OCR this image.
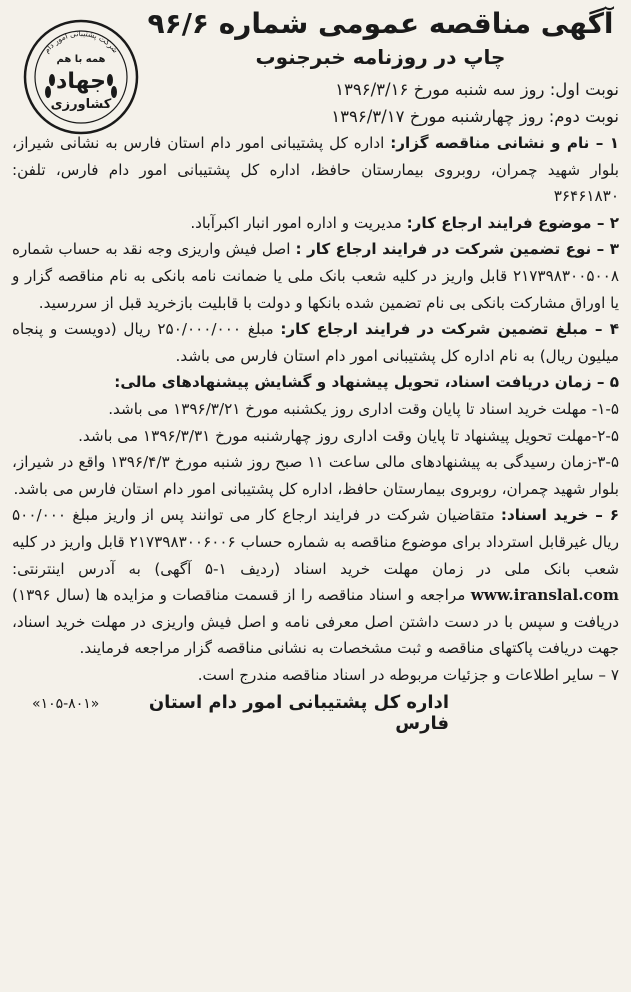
شرکت پشتیبانی امور دام
همه با هم
جهاد
کشاورزی
آگهی مناقصه عمومی شماره ۹۶/۶
چاپ در روزنامه خبرجنوب
نوبت اول: روز سه شنبه مورخ ۱۳۹۶/۳/۱۶
نوبت دوم: روز چهارشنبه مورخ ۱۳۹۶/۳/۱۷

۱ – نام و نشانی مناقصه گزار: اداره کل پشتیبانی امور دام استان فارس به نشانی شیراز، بلوار شهید چمران، روبروی بیمارستان حافظ، اداره کل پشتیبانی امور دام فارس، تلفن: ۳۶۴۶۱۸۳۰

۲ – موضوع فرایند ارجاع کار: مدیریت و اداره امور انبار اکبرآباد.

۳ – نوع تضمین شرکت در فرایند ارجاع کار : اصل فیش واریزی وجه نقد به حساب شماره ۲۱۷۳۹۸۳۰۰۵۰۰۸ قابل واریز در کلیه شعب بانک ملی یا ضمانت نامه بانکی به نام مناقصه گزار و یا اوراق مشارکت بانکی بی نام تضمین شده بانکها و دولت با قابلیت بازخرید قبل از سررسید.

۴ – مبلغ تضمین شرکت در فرایند ارجاع کار: مبلغ ۲۵۰/۰۰۰/۰۰۰ ریال (دویست و پنجاه میلیون ریال) به نام اداره کل پشتیبانی امور دام استان فارس می باشد.

۵ – زمان دریافت اسناد، تحویل پیشنهاد و گشایش پیشنهادهای مالی:

۱-۵- مهلت خرید اسناد تا پایان وقت اداری روز یکشنبه مورخ ۱۳۹۶/۳/۲۱ می باشد.

۲-۵-مهلت تحویل پیشنهاد تا پایان وقت اداری روز چهارشنبه مورخ ۱۳۹۶/۳/۳۱ می باشد.

۳-۵-زمان رسیدگی به پیشنهادهای مالی ساعت ۱۱ صبح روز شنبه مورخ ۱۳۹۶/۴/۳ واقع در شیراز، بلوار شهید چمران، روبروی بیمارستان حافظ، اداره کل پشتیبانی امور دام استان فارس می باشد.

۶ – خرید اسناد: متقاضیان شرکت در فرایند ارجاع کار می توانند پس از واریز مبلغ ۵۰۰/۰۰۰ ریال غیرقابل استرداد برای موضوع مناقصه به شماره حساب ۲۱۷۳۹۸۳۰۰۶۰۰۶ قابل واریز در کلیه شعب بانک ملی در زمان مهلت خرید اسناد (ردیف ۱-۵ آگهی) به آدرس اینترنتی: www.iranslal.com مراجعه و اسناد مناقصه را از قسمت مناقصات و مزایده ها (سال ۱۳۹۶) دریافت و سپس با در دست داشتن اصل معرفی نامه و اصل فیش واریزی در مهلت خرید اسناد، جهت دریافت پاکتهای مناقصه و ثبت مشخصات به نشانی مناقصه گزار مراجعه فرمایند.

۷ – سایر اطلاعات و جزئیات مربوطه در اسناد مناقصه مندرج است.

اداره کل پشتیبانی امور دام استان فارس
«۱۰۵-۸۰۱»
